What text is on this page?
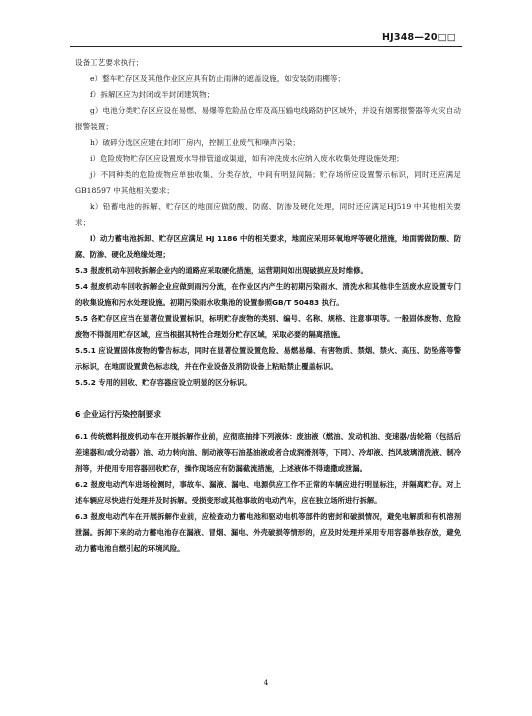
HJ348—20□□

设备工艺要求执行；

e）整车贮存区及其他作业区应具有防止雨淋的遮盖设施，如安装防雨棚等；

f）拆解区应为封闭或半封闭建筑物；

g）电池分类贮存区应设在易燃、易爆等危险品仓库及高压输电线路防护区域外，并设有烟雾报警器等火灾自动报警装置；

h）破碎分选区应建在封闭厂房内，控制工业废气和噪声污染；

i）危险废物贮存区应设置废水导排管道或渠道，如有冲洗废水应纳入废水收集处理设施处理；

j）不同种类的危险废物应单独收集、分类存放，中间有明显间隔；贮存场所应设置警示标识，同时还应满足 GB18597 中其他相关要求；

k）铅蓄电池的拆解、贮存区的地面应做防酸、防腐、防渗及硬化处理，同时还应满足HJ519 中其他相关要求；

l）动力蓄电池拆卸、贮存区应满足 HJ 1186 中的相关要求，地面应采用环氧地坪等硬化措施，地面需做防酸、防腐、防渗、硬化及绝缘处理；

5.3 报废机动车回收拆解企业内的道路应采取硬化措施，运营期间如出现破损应及时维修。

5.4 报废机动车回收拆解企业应做到雨污分流，在作业区内产生的初期污染雨水、清洗水和其他非生活废水应设置专门的收集设施和污水处理设施。初期污染雨水收集池的设置参照GB/T 50483 执行。

5.5 各贮存区应当在显著位置设置标识，标明贮存废物的类别、编号、名称、规格、注意事项等。一般固体废物、危险废物不得混用贮存区域，应当根据其特性合理划分贮存区域，采取必要的隔离措施。

5.5.1 应设置固体废物的警告标志，同时在显著位置设置危险、易燃易爆、有害物质、禁烟、禁火、高压、防坠落等警示标识，在地面设置黄色标志线，并在作业设备及消防设备上粘贴禁止覆盖标识。

5.5.2 专用的回收、贮存容器应设立明显的区分标识。

6 企业运行污染控制要求

6.1 传统燃料报废机动车在开展拆解作业前，应彻底抽排下列液体：废油液（燃油、发动机油、变速器/齿轮箱（包括后差速器和/或分动器）油、动力转向油、制动液等石油基油液或者合成润滑剂等，下同）、冷却液、挡风玻璃清洗液、制冷剂等，并使用专用容器回收贮存，操作现场应有防漏截流措施，上述液体不得遗撒或泄漏。

6.2 报废电动汽车进场检测时，事故车、漏液、漏电、电源供应工作不正常的车辆应进行明显标注，并隔离贮存。对上述车辆应尽快进行处理并及时拆解。受损变形或其他事故的电动汽车，应在独立场所进行拆解。

6.3 报废电动汽车在开展拆解作业前，应检查动力蓄电池和驱动电机等部件的密封和破损情况，避免电解质和有机溶剂泄漏。拆卸下来的动力蓄电池存在漏液、冒烟、漏电、外壳破损等情形的，应及时处理并采用专用容器单独存放，避免动力蓄电池自燃引起的环境风险。

4
